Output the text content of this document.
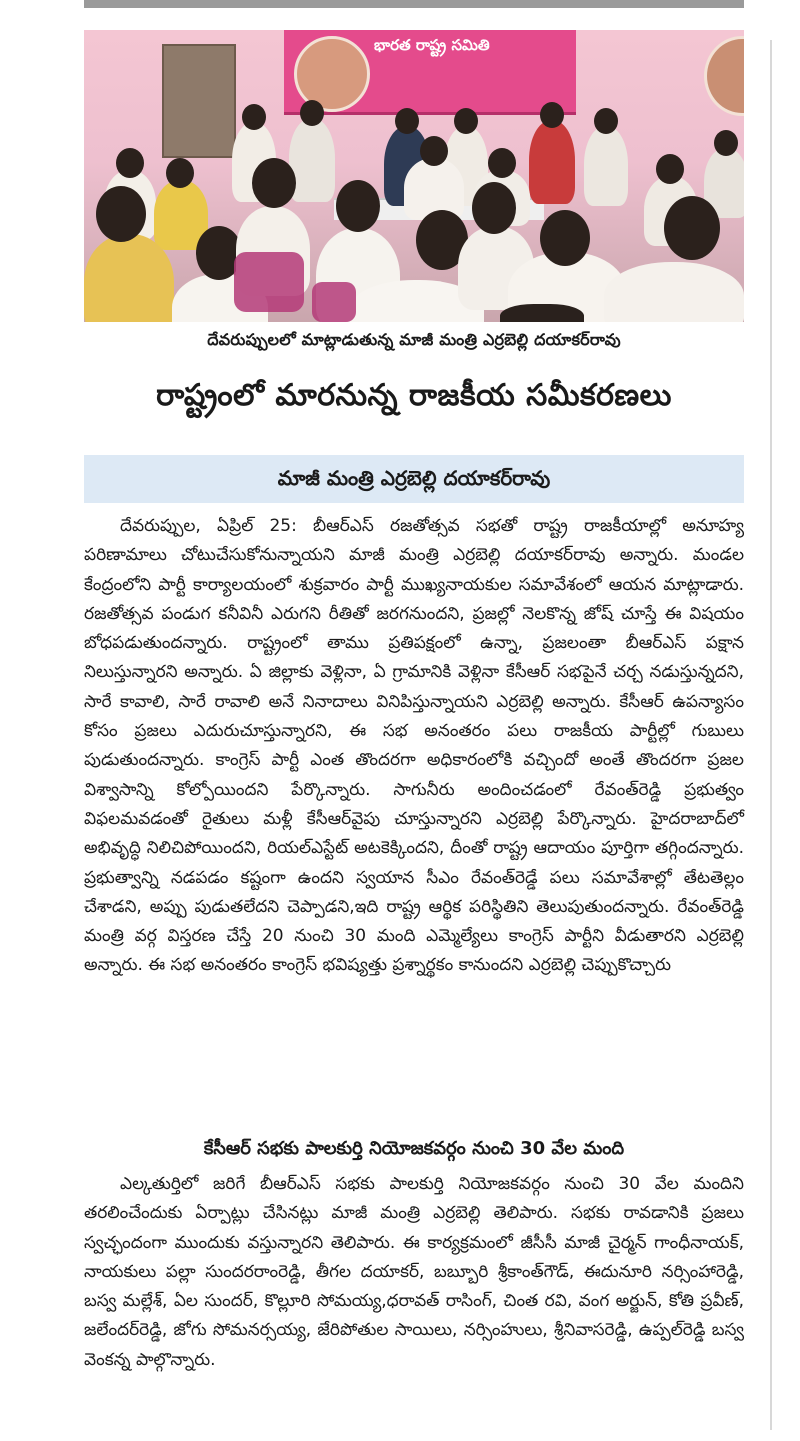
భారత రాష్ట్ర సమితి
దేవరుప్పులలో మాట్లాడుతున్న మాజీ మంత్రి ఎర్రబెల్లి దయాకర్‌రావు
రాష్ట్రంలో మారనున్న రాజకీయ సమీకరణలు
మాజీ మంత్రి ఎర్రబెల్లి దయాకర్‌రావు
దేవరుప్పుల, ఏప్రిల్ 25: బీఆర్ఎస్ రజతోత్సవ సభతో రాష్ట్ర రాజకీయాల్లో అనూహ్య పరిణామాలు చోటుచేసుకోనున్నాయని మాజీ మంత్రి ఎర్రబెల్లి దయాకర్‌రావు అన్నారు. మండల కేంద్రంలోని పార్టీ కార్యాలయంలో శుక్రవారం పార్టీ ముఖ్యనాయకుల సమావేశంలో ఆయన మాట్లాడారు. రజతోత్సవ పండుగ కనీవినీ ఎరుగని రీతితో జరగనుందని, ప్రజల్లో నెలకొన్న జోష్ చూస్తే ఈ విషయం బోధపడుతుందన్నారు. రాష్ట్రంలో తాము ప్రతిపక్షంలో ఉన్నా, ప్రజలంతా బీఆర్ఎస్ పక్షాన నిలుస్తున్నారని అన్నారు. ఏ జిల్లాకు వెళ్లినా, ఏ గ్రామానికి వెళ్లినా కేసీఆర్ సభపైనే చర్చ నడుస్తున్నదని, సారే కావాలి, సారే రావాలి అనే నినాదాలు వినిపిస్తున్నాయని ఎర్రబెల్లి అన్నారు. కేసీఆర్ ఉపన్యాసం కోసం ప్రజలు ఎదురుచూస్తున్నారని, ఈ సభ అనంతరం పలు రాజకీయ పార్టీల్లో గుబులు పుడుతుందన్నారు. కాంగ్రెస్ పార్టీ ఎంత తొందరగా అధికారంలోకి వచ్చిందో అంతే తొందరగా ప్రజల విశ్వాసాన్ని కోల్పోయిందని పేర్కొన్నారు. సాగునీరు అందించడంలో రేవంత్‌రెడ్డి ప్రభుత్వం విఫలమవడంతో రైతులు మళ్లీ కేసీఆర్‌వైపు చూస్తున్నారని ఎర్రబెల్లి పేర్కొన్నారు. హైదరాబాద్‌లో అభివృద్ధి నిలిచిపోయిందని, రియల్‌ఎస్టేట్ అటకెక్కిందని, దీంతో రాష్ట్ర ఆదాయం పూర్తిగా తగ్గిందన్నారు. ప్రభుత్వాన్ని నడపడం కష్టంగా ఉందని స్వయాన సీఎం రేవంత్‌రెడ్డే పలు సమావేశాల్లో తేటతెల్లం చేశాడని, అప్పు పుడుతలేదని చెప్పాడని,ఇది రాష్ట్ర ఆర్థిక పరిస్థితిని తెలుపుతుందన్నారు. రేవంత్‌రెడ్డి మంత్రి వర్గ విస్తరణ చేస్తే 20 నుంచి 30 మంది ఎమ్మెల్యేలు కాంగ్రెస్ పార్టీని వీడుతారని ఎర్రబెల్లి అన్నారు. ఈ సభ అనంతరం కాంగ్రెస్ భవిష్యత్తు ప్రశ్నార్థకం కానుందని ఎర్రబెల్లి చెప్పుకొచ్చారు
కేసీఆర్ సభకు పాలకుర్తి నియోజకవర్గం నుంచి 30 వేల మంది
ఎల్కతుర్తిలో జరిగే బీఆర్ఎస్ సభకు పాలకుర్తి నియోజకవర్గం నుంచి 30 వేల మందిని తరలించేందుకు ఏర్పాట్లు చేసినట్లు మాజీ మంత్రి ఎర్రబెల్లి తెలిపారు. సభకు రావడానికి ప్రజలు స్వచ్ఛందంగా ముందుకు వస్తున్నారని తెలిపారు. ఈ కార్యక్రమంలో జీసీసీ మాజీ చైర్మన్ గాంధీనాయక్, నాయకులు పల్లా సుందరరాంరెడ్డి, తీగల దయాకర్, బబ్బూరి శ్రీకాంత్‌గౌడ్, ఈదునూరి నర్సింహారెడ్డి, బస్వ మల్లేశ్, ఏల సుందర్, కొల్లూరి సోమయ్య,ధరావత్ రాసింగ్, చింత రవి, వంగ అర్జున్, కోతి ప్రవీణ్, జలేందర్‌రెడ్డి, జోగు సోమనర్సయ్య, జేరిపోతుల సాయిలు, నర్సింహులు, శ్రీనివాసరెడ్డి, ఉప్పల్‌రెడ్డి బస్వ వెంకన్న పాల్గొన్నారు.
